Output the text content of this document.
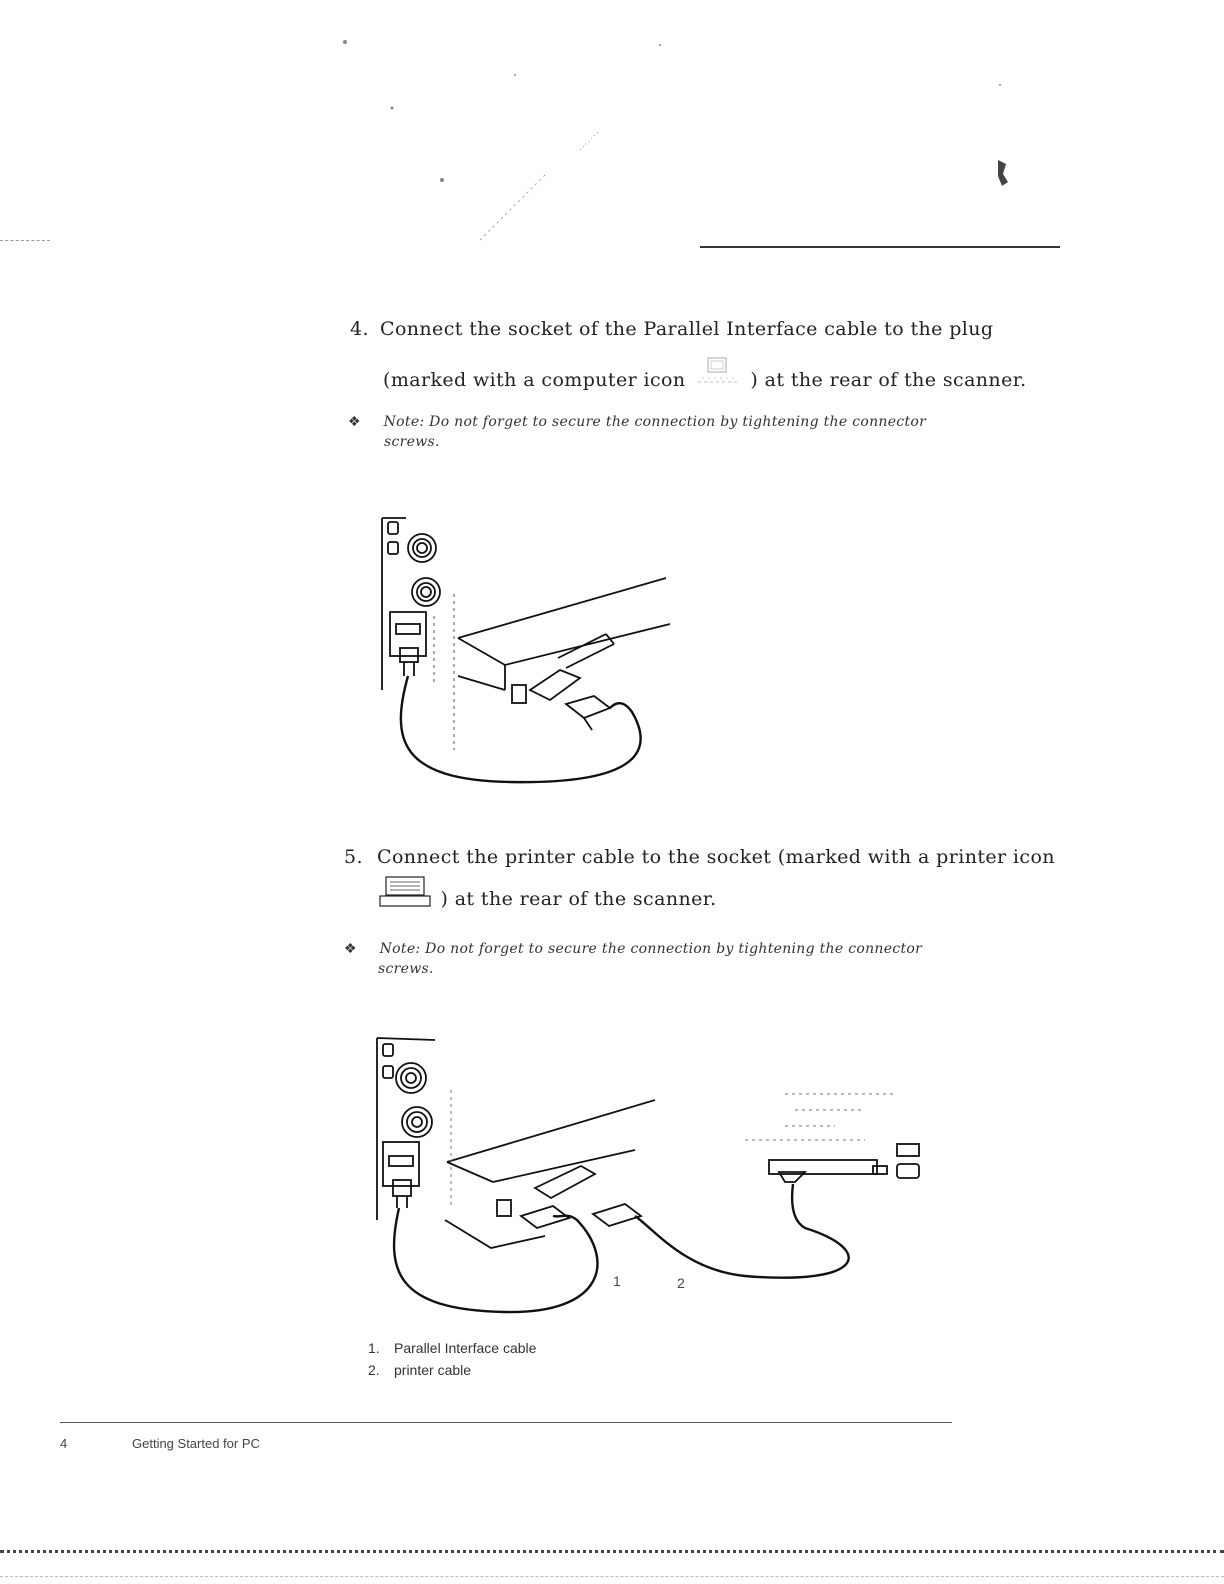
4. Connect the socket of the Parallel Interface cable to the plug
(marked with a computer icon	) at the rear of the scanner.
❖ Note: Do not forget to secure the connection by tightening the connector
screws.
5. Connect the printer cable to the socket (marked with a printer icon
) at the rear of the scanner.
❖ Note: Do not forget to secure the connection by tightening the connector
screws.
1	2
1. Parallel Interface cable
2. printer cable
4	Getting Started for PC
